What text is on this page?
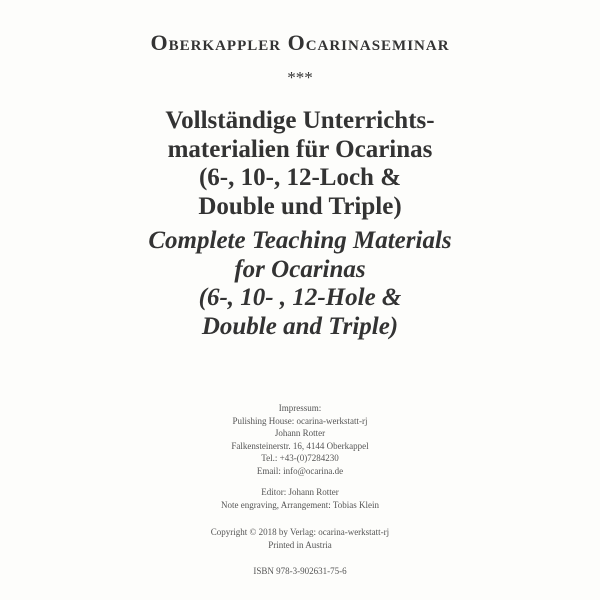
Oberkappler Ocarinaseminar
***
Vollständige Unterrichts-
materialien für Ocarinas
(6-, 10-, 12-Loch &
Double und Triple)
Complete Teaching Materials
for Ocarinas
(6-, 10- , 12-Hole &
Double and Triple)
Impressum:
Pulishing House: ocarina-werkstatt-rj
Johann Rotter
Falkensteinerstr. 16, 4144 Oberkappel
Tel.: +43-(0)7284230
Email: info@ocarina.de
Editor: Johann Rotter
Note engraving, Arrangement: Tobias Klein
Copyright © 2018 by Verlag: ocarina-werkstatt-rj
Printed in Austria
ISBN 978-3-902631-75-6
